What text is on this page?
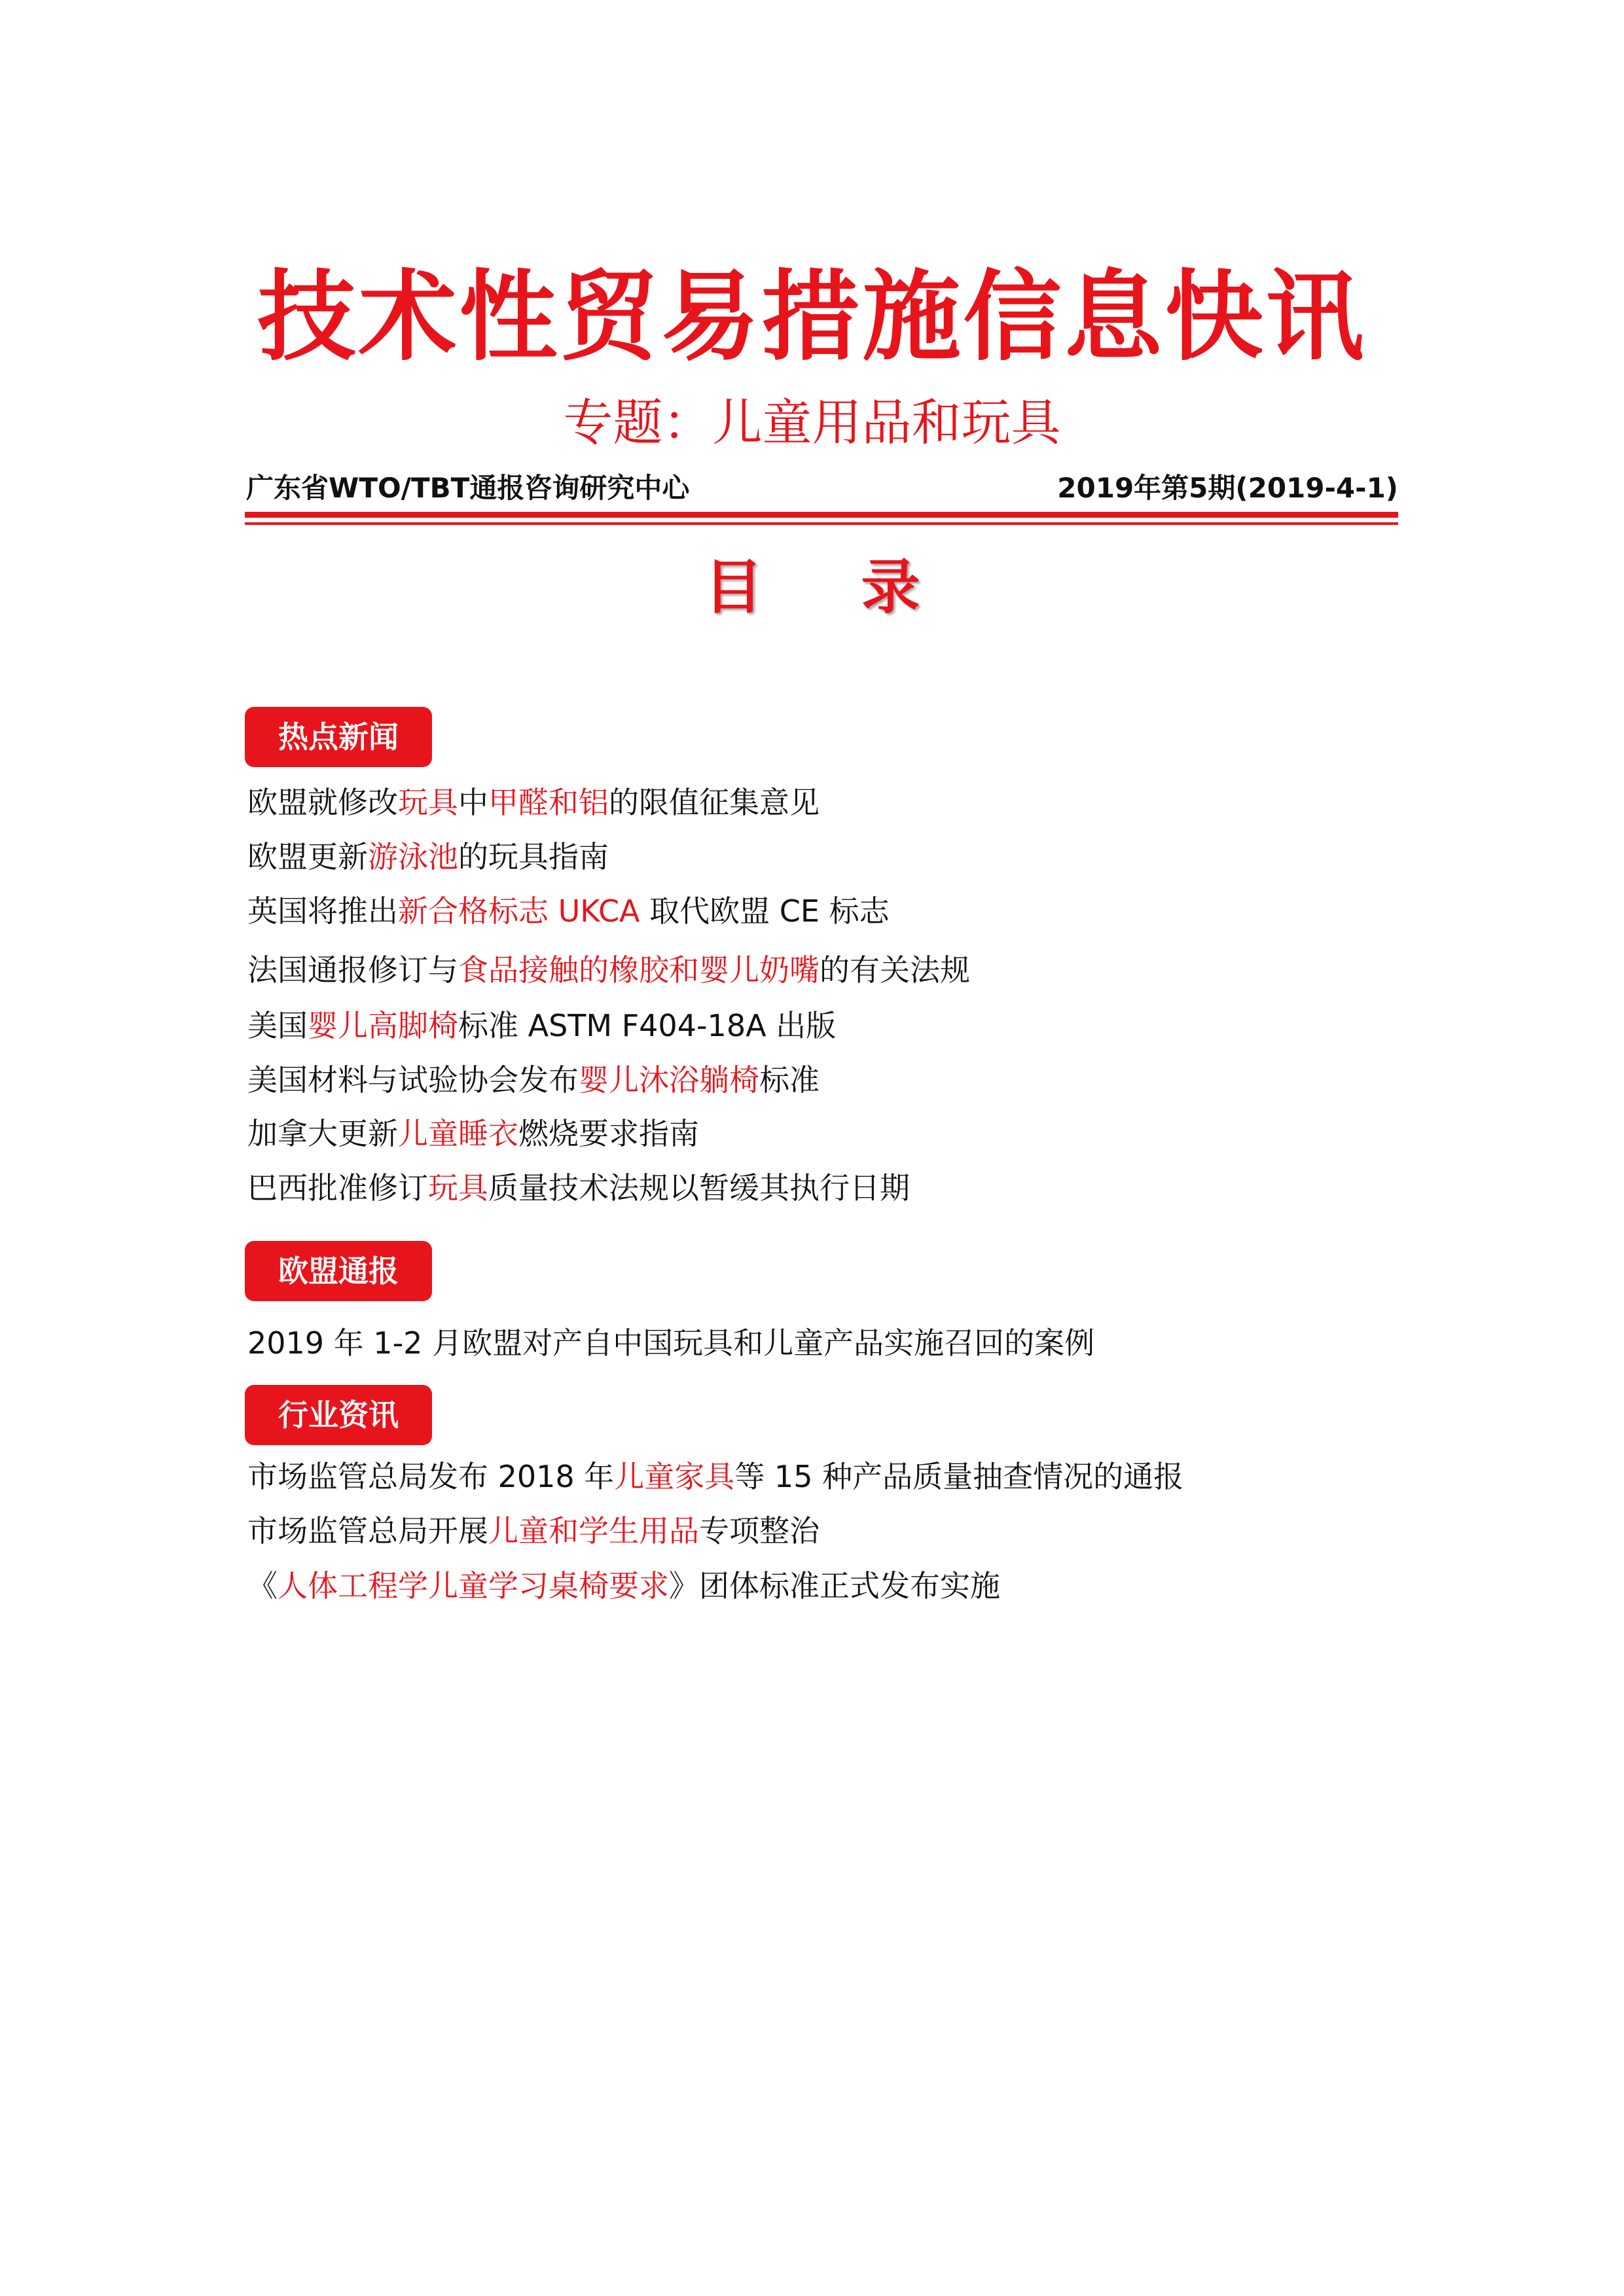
技术性贸易措施信息快讯
专题：儿童用品和玩具
广东省WTO/TBT通报咨询研究中心	2019年第5期(2019-4-1)
目录
热点新闻
欧盟就修改玩具中甲醛和铝的限值征集意见
欧盟更新游泳池的玩具指南
英国将推出新合格标志 UKCA 取代欧盟 CE 标志
法国通报修订与食品接触的橡胶和婴儿奶嘴的有关法规
美国婴儿高脚椅标准 ASTM F404-18A 出版
美国材料与试验协会发布婴儿沐浴躺椅标准
加拿大更新儿童睡衣燃烧要求指南
巴西批准修订玩具质量技术法规以暂缓其执行日期
欧盟通报
2019 年 1-2 月欧盟对产自中国玩具和儿童产品实施召回的案例
行业资讯
市场监管总局发布 2018 年儿童家具等 15 种产品质量抽查情况的通报
市场监管总局开展儿童和学生用品专项整治
《人体工程学儿童学习桌椅要求》团体标准正式发布实施
